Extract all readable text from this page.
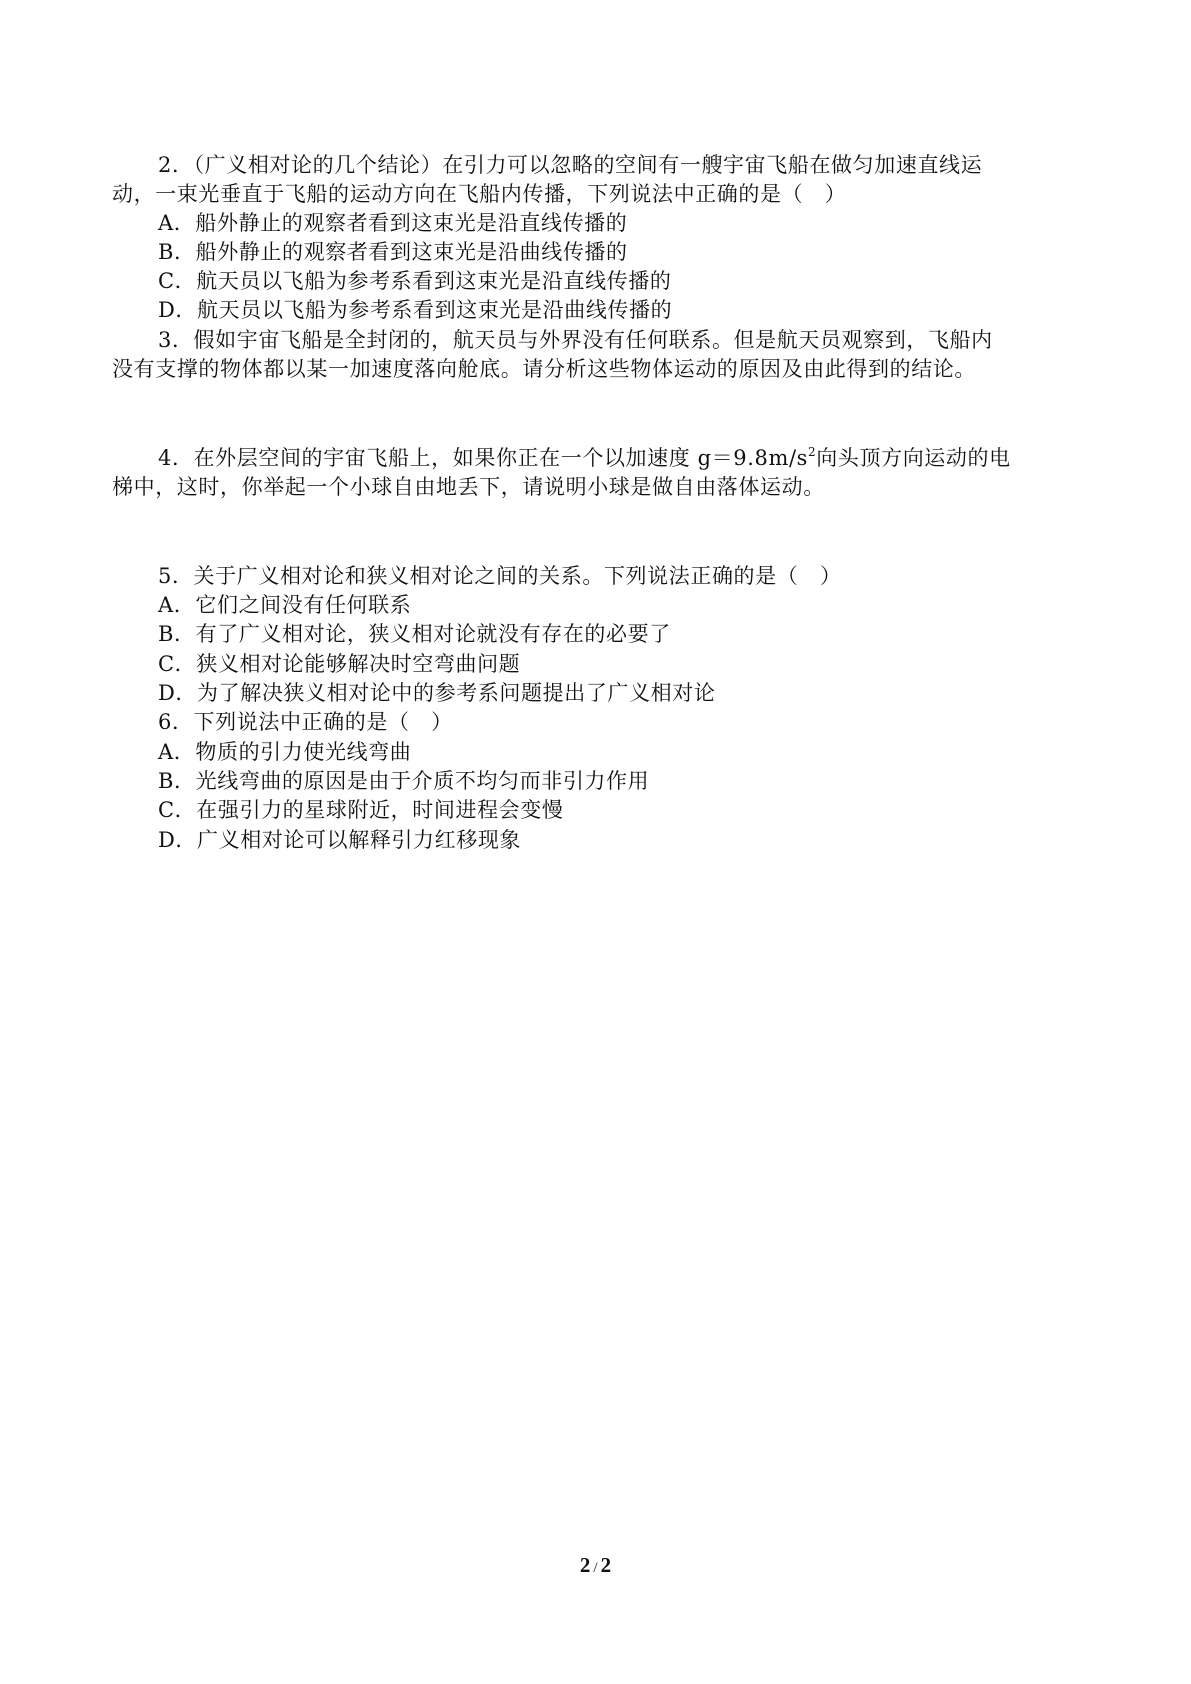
2．（广义相对论的几个结论）在引力可以忽略的空间有一艘宇宙飞船在做匀加速直线运
动，一束光垂直于飞船的运动方向在飞船内传播，下列说法中正确的是（　）
A．船外静止的观察者看到这束光是沿直线传播的
B．船外静止的观察者看到这束光是沿曲线传播的
C．航天员以飞船为参考系看到这束光是沿直线传播的
D．航天员以飞船为参考系看到这束光是沿曲线传播的
3．假如宇宙飞船是全封闭的，航天员与外界没有任何联系。但是航天员观察到，飞船内
没有支撑的物体都以某一加速度落向舱底。请分析这些物体运动的原因及由此得到的结论。
4．在外层空间的宇宙飞船上，如果你正在一个以加速度 $g=9.8m/s^2$向头顶方向运动的电
梯中，这时，你举起一个小球自由地丢下，请说明小球是做自由落体运动。
5．关于广义相对论和狭义相对论之间的关系。下列说法正确的是（　）
A．它们之间没有任何联系
B．有了广义相对论，狭义相对论就没有存在的必要了
C．狭义相对论能够解决时空弯曲问题
D．为了解决狭义相对论中的参考系问题提出了广义相对论
6．下列说法中正确的是（　）
A．物质的引力使光线弯曲
B．光线弯曲的原因是由于介质不均匀而非引力作用
C．在强引力的星球附近，时间进程会变慢
D．广义相对论可以解释引力红移现象
2 / 2
